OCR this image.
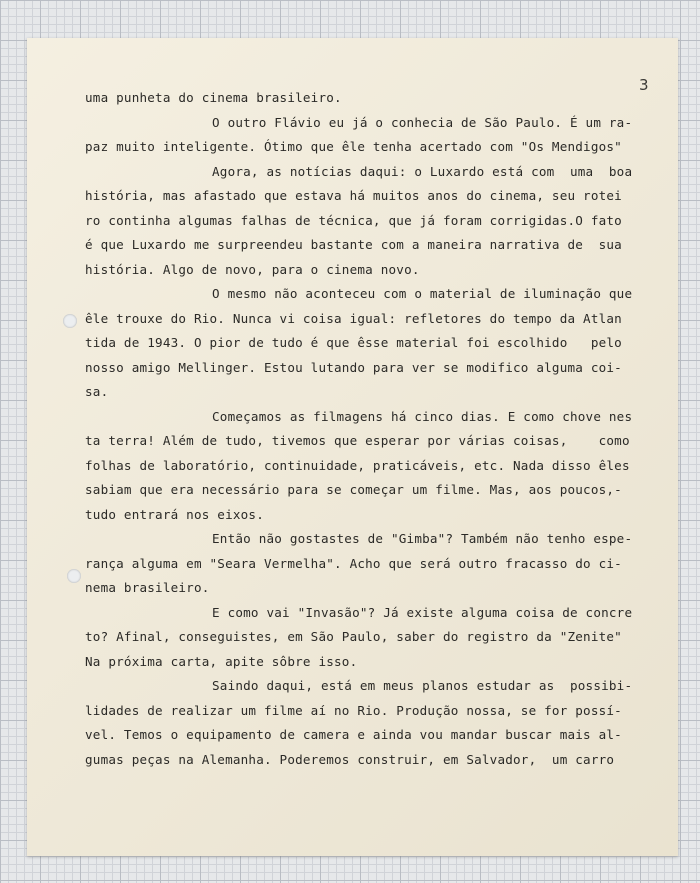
3
uma punheta do cinema brasileiro.
O outro Flávio eu já o conhecia de São Paulo. É um ra-
paz muito inteligente. Ótimo que êle tenha acertado com "Os Mendigos"
Agora, as notícias daqui: o Luxardo está com  uma  boa
história, mas afastado que estava há muitos anos do cinema, seu rotei
ro continha algumas falhas de técnica, que já foram corrigidas.O fato
é que Luxardo me surpreendeu bastante com a maneira narrativa de  sua
história. Algo de novo, para o cinema novo.
O mesmo não aconteceu com o material de iluminação que
êle trouxe do Rio. Nunca vi coisa igual: refletores do tempo da Atlan
tida de 1943. O pior de tudo é que êsse material foi escolhido   pelo
nosso amigo Mellinger. Estou lutando para ver se modifico alguma coi-
sa.
Começamos as filmagens há cinco dias. E como chove nes
ta terra! Além de tudo, tivemos que esperar por várias coisas,    como
folhas de laboratório, continuidade, praticáveis, etc. Nada disso êles
sabiam que era necessário para se começar um filme. Mas, aos poucos,-
tudo entrará nos eixos.
Então não gostastes de "Gimba"? Também não tenho espe-
rança alguma em "Seara Vermelha". Acho que será outro fracasso do ci-
nema brasileiro.
E como vai "Invasão"? Já existe alguma coisa de concre
to? Afinal, conseguistes, em São Paulo, saber do registro da "Zenite"
Na próxima carta, apite sôbre isso.
Saindo daqui, está em meus planos estudar as  possibi-
lidades de realizar um filme aí no Rio. Produção nossa, se for possí-
vel. Temos o equipamento de camera e ainda vou mandar buscar mais al-
gumas peças na Alemanha. Poderemos construir, em Salvador,  um carro
